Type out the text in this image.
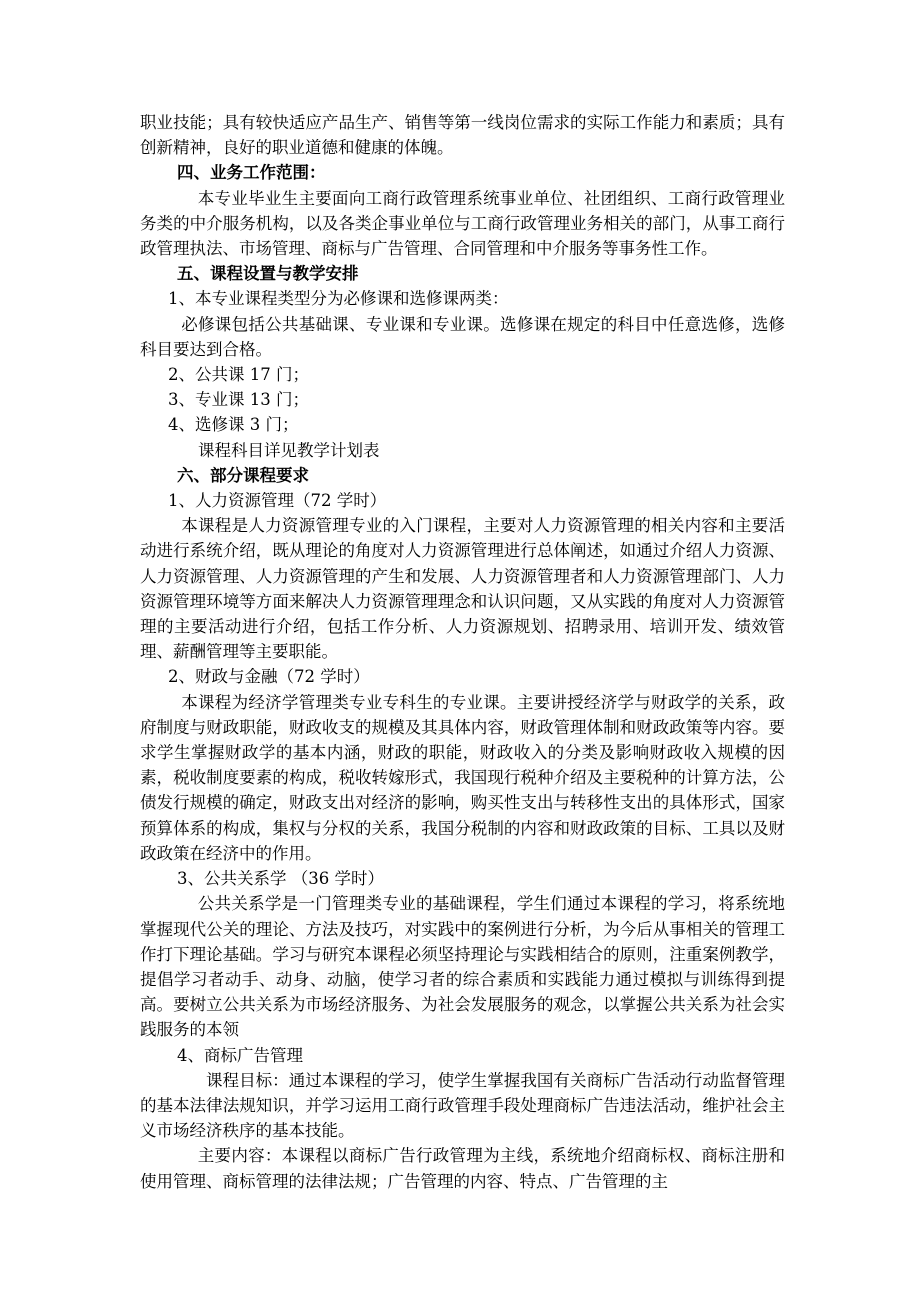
职业技能；具有较快适应产品生产、销售等第一线岗位需求的实际工作能力和素质；具有创新精神，良好的职业道德和健康的体魄。

四、业务工作范围：

本专业毕业生主要面向工商行政管理系统事业单位、社团组织、工商行政管理业务类的中介服务机构，以及各类企事业单位与工商行政管理业务相关的部门，从事工商行政管理执法、市场管理、商标与广告管理、合同管理和中介服务等事务性工作。

五、课程设置与教学安排

1、本专业课程类型分为必修课和选修课两类：

必修课包括公共基础课、专业课和专业课。选修课在规定的科目中任意选修，选修科目要达到合格。

2、公共课 17 门；

3、专业课 13 门；

4、选修课 3 门；

课程科目详见教学计划表

六、部分课程要求

1、人力资源管理（72 学时）

本课程是人力资源管理专业的入门课程，主要对人力资源管理的相关内容和主要活动进行系统介绍，既从理论的角度对人力资源管理进行总体阐述，如通过介绍人力资源、人力资源管理、人力资源管理的产生和发展、人力资源管理者和人力资源管理部门、人力资源管理环境等方面来解决人力资源管理理念和认识问题，又从实践的角度对人力资源管理的主要活动进行介绍，包括工作分析、人力资源规划、招聘录用、培训开发、绩效管理、薪酬管理等主要职能。

2、财政与金融（72 学时）

本课程为经济学管理类专业专科生的专业课。主要讲授经济学与财政学的关系，政府制度与财政职能，财政收支的规模及其具体内容，财政管理体制和财政政策等内容。要求学生掌握财政学的基本内涵，财政的职能，财政收入的分类及影响财政收入规模的因素，税收制度要素的构成，税收转嫁形式，我国现行税种介绍及主要税种的计算方法，公债发行规模的确定，财政支出对经济的影响，购买性支出与转移性支出的具体形式，国家预算体系的构成，集权与分权的关系，我国分税制的内容和财政政策的目标、工具以及财政政策在经济中的作用。

3、公共关系学 （36 学时）

公共关系学是一门管理类专业的基础课程，学生们通过本课程的学习，将系统地掌握现代公关的理论、方法及技巧，对实践中的案例进行分析，为今后从事相关的管理工作打下理论基础。学习与研究本课程必须坚持理论与实践相结合的原则，注重案例教学，提倡学习者动手、动身、动脑，使学习者的综合素质和实践能力通过模拟与训练得到提高。要树立公共关系为市场经济服务、为社会发展服务的观念，以掌握公共关系为社会实践服务的本领

4、商标广告管理

课程目标：通过本课程的学习，使学生掌握我国有关商标广告活动行动监督管理的基本法律法规知识，并学习运用工商行政管理手段处理商标广告违法活动，维护社会主义市场经济秩序的基本技能。

主要内容：本课程以商标广告行政管理为主线，系统地介绍商标权、商标注册和使用管理、商标管理的法律法规；广告管理的内容、特点、广告管理的主
